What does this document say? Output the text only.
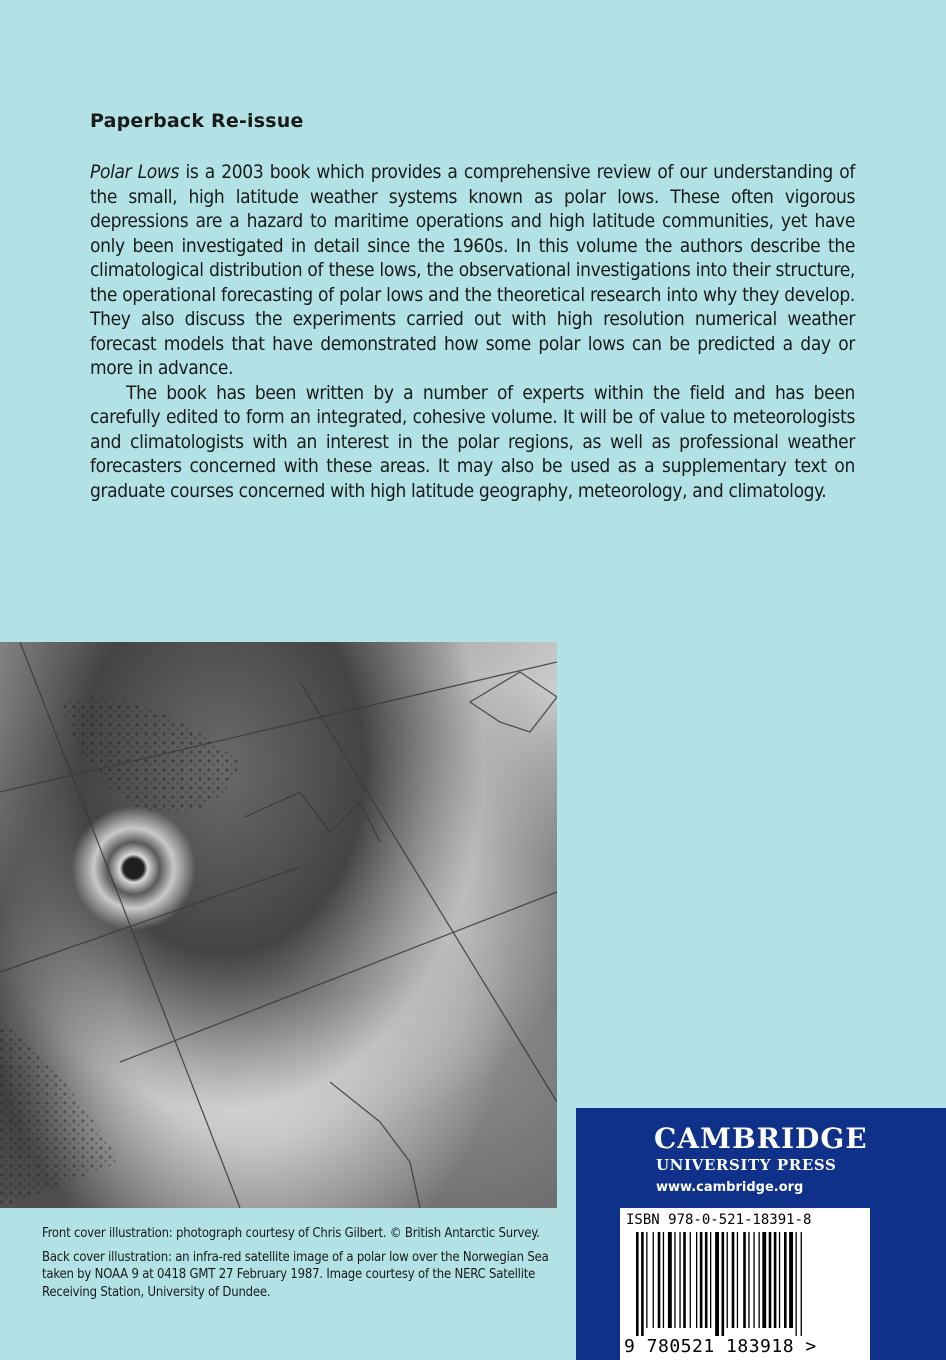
Paperback Re-issue

Polar Lows is a 2003 book which provides a comprehensive review of our understanding of the small, high latitude weather systems known as polar lows. These often vigorous depressions are a hazard to maritime operations and high latitude communities, yet have only been investigated in detail since the 1960s. In this volume the authors describe the climatological distribution of these lows, the observational investigations into their structure, the operational forecasting of polar lows and the theoretical research into why they develop. They also discuss the experiments carried out with high resolution numerical weather forecast models that have demonstrated how some polar lows can be predicted a day or more in advance.

The book has been written by a number of experts within the field and has been carefully edited to form an integrated, cohesive volume. It will be of value to meteorologists and climatologists with an interest in the polar regions, as well as professional weather forecasters concerned with these areas. It may also be used as a supplementary text on graduate courses concerned with high latitude geography, meteorology, and climatology.

Front cover illustration: photograph courtesy of Chris Gilbert. © British Antarctic Survey.

Back cover illustration: an infra-red satellite image of a polar low over the Norwegian Sea taken by NOAA 9 at 0418 GMT 27 February 1987. Image courtesy of the NERC Satellite Receiving Station, University of Dundee.

CAMBRIDGE
UNIVERSITY PRESS
www.cambridge.org
ISBN 978-0-521-18391-8
9 780521 183918 >
